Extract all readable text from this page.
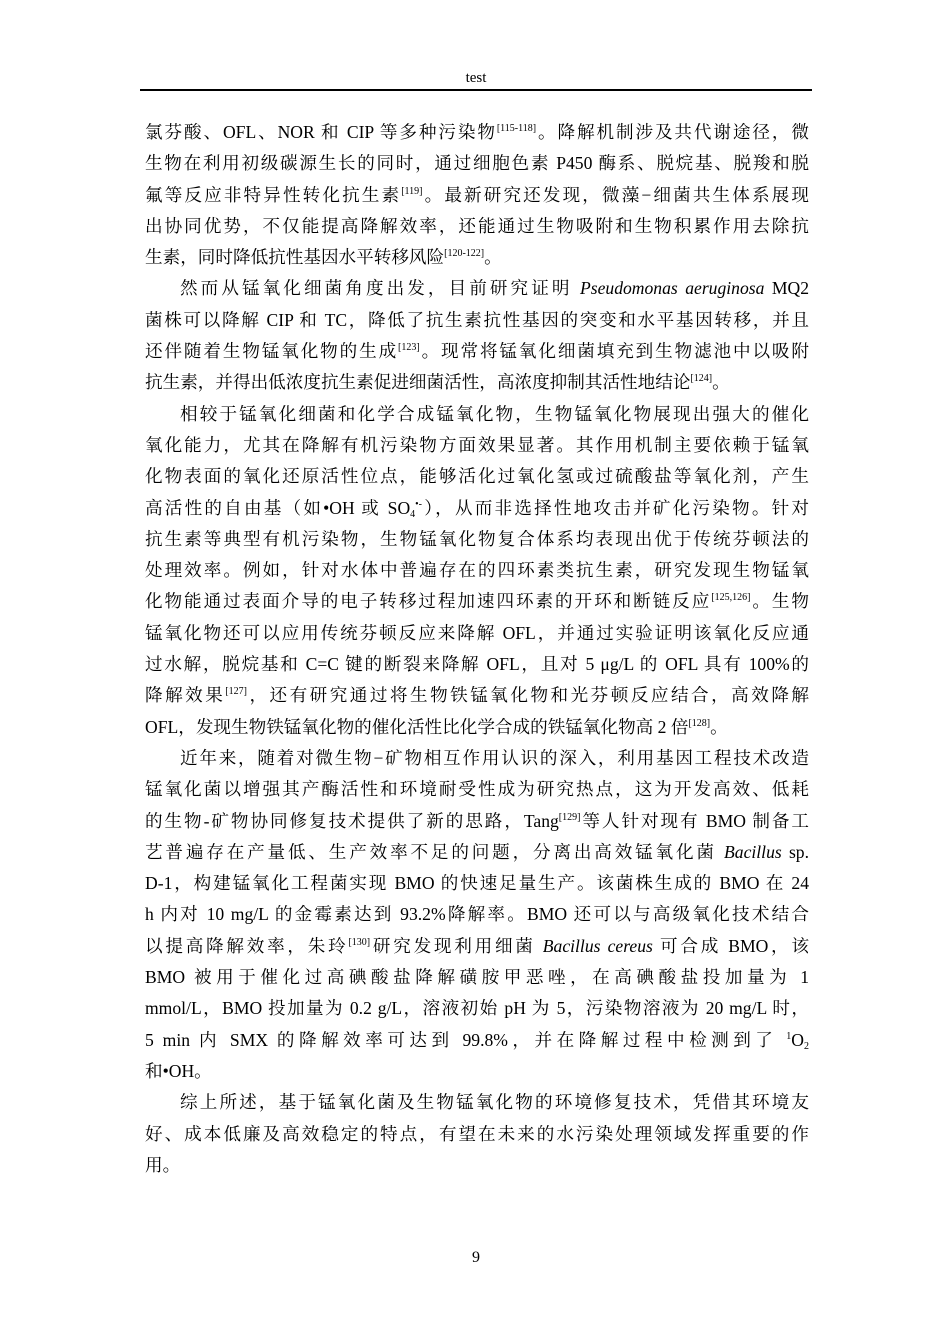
test
氯芬酸、OFL、NOR 和 CIP 等多种污染物[115-118]。降解机制涉及共代谢途径，微
生物在利用初级碳源生长的同时，通过细胞色素 P450 酶系、脱烷基、脱羧和脱
氟等反应非特异性转化抗生素[119]。最新研究还发现，微藻−细菌共生体系展现
出协同优势，不仅能提高降解效率，还能通过生物吸附和生物积累作用去除抗
生素，同时降低抗性基因水平转移风险[120-122]。
然而从锰氧化细菌角度出发，目前研究证明 Pseudomonas aeruginosa MQ2
菌株可以降解 CIP 和 TC，降低了抗生素抗性基因的突变和水平基因转移，并且
还伴随着生物锰氧化物的生成[123]。现常将锰氧化细菌填充到生物滤池中以吸附
抗生素，并得出低浓度抗生素促进细菌活性，高浓度抑制其活性地结论[124]。
相较于锰氧化细菌和化学合成锰氧化物，生物锰氧化物展现出强大的催化
氧化能力，尤其在降解有机污染物方面效果显著。其作用机制主要依赖于锰氧
化物表面的氧化还原活性位点，能够活化过氧化氢或过硫酸盐等氧化剂，产生
高活性的自由基（如•OH 或 $SO_4^{•-}$），从而非选择性地攻击并矿化污染物。针对
抗生素等典型有机污染物，生物锰氧化物复合体系均表现出优于传统芬顿法的
处理效率。例如，针对水体中普遍存在的四环素类抗生素，研究发现生物锰氧
化物能通过表面介导的电子转移过程加速四环素的开环和断链反应[125,126]。生物
锰氧化物还可以应用传统芬顿反应来降解 OFL，并通过实验证明该氧化反应通
过水解，脱烷基和 C=C 键的断裂来降解 OFL，且对 5 μg/L 的 OFL 具有 100%的
降解效果[127]，还有研究通过将生物铁锰氧化物和光芬顿反应结合，高效降解
OFL，发现生物铁锰氧化物的催化活性比化学合成的铁锰氧化物高 2 倍[128]。
近年来，随着对微生物−矿物相互作用认识的深入，利用基因工程技术改造
锰氧化菌以增强其产酶活性和环境耐受性成为研究热点，这为开发高效、低耗
的生物-矿物协同修复技术提供了新的思路，Tang[129]等人针对现有 BMO 制备工
艺普遍存在产量低、生产效率不足的问题，分离出高效锰氧化菌 Bacillus sp.
D-1，构建锰氧化工程菌实现 BMO 的快速足量生产。该菌株生成的 BMO 在 24
h 内对 10 mg/L 的金霉素达到 93.2%降解率。BMO 还可以与高级氧化技术结合
以提高降解效率，朱玲[130]研究发现利用细菌 Bacillus cereus 可合成 BMO，该
BMO 被用于催化过高碘酸盐降解磺胺甲恶唑，在高碘酸盐投加量为 1
mmol/L，BMO 投加量为 0.2 g/L，溶液初始 pH 为 5，污染物溶液为 20 mg/L 时，
5 min 内 SMX 的降解效率可达到 99.8%，并在降解过程中检测到了 $^1O_2$
和•OH。
综上所述，基于锰氧化菌及生物锰氧化物的环境修复技术，凭借其环境友
好、成本低廉及高效稳定的特点，有望在未来的水污染处理领域发挥重要的作
用。
9
